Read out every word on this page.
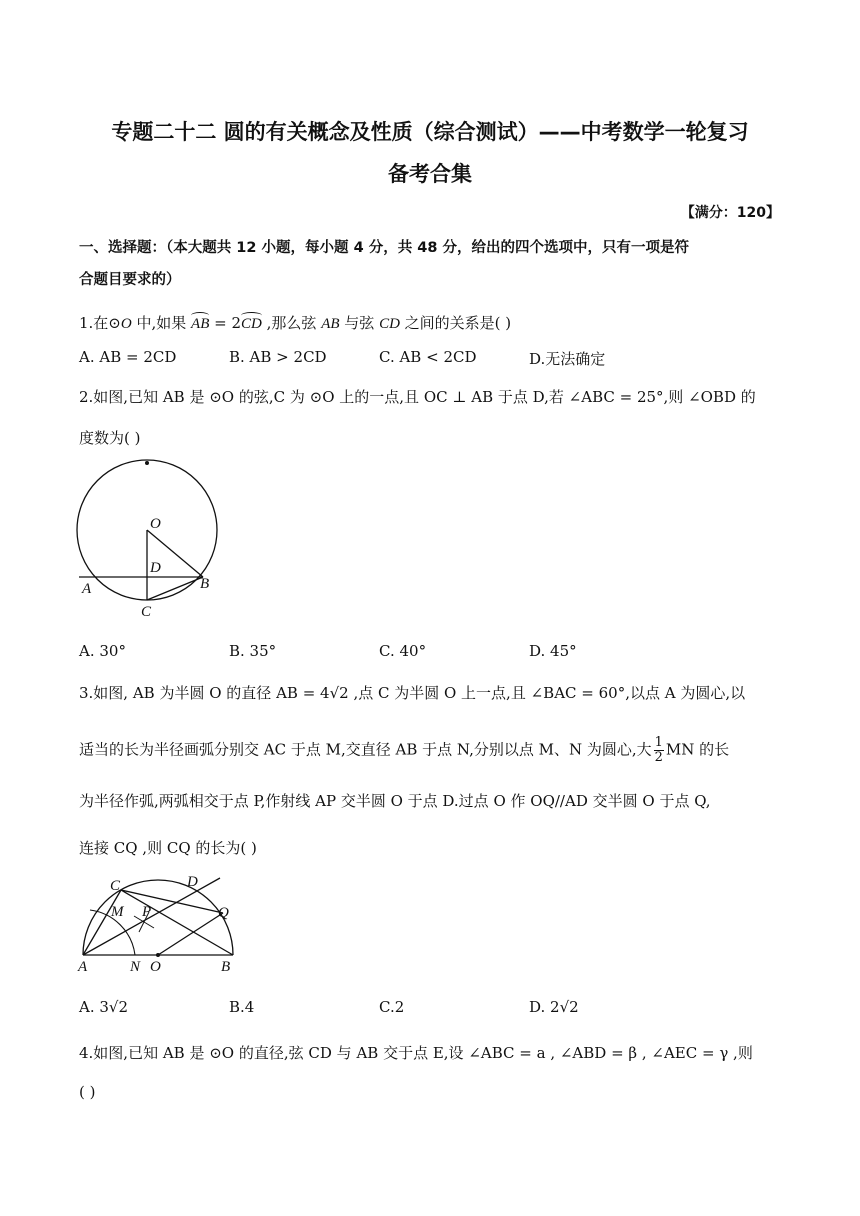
专题二十二 圆的有关概念及性质（综合测试）——中考数学一轮复习
备考合集
【满分：120】
一、选择题：（本大题共 12 小题，每小题 4 分，共 48 分，给出的四个选项中，只有一项是符
合题目要求的）
1.在⊙O 中,如果 AB = 2CD ,那么弦 AB 与弦 CD 之间的关系是( )
A. AB = 2CD	B. AB > 2CD	C. AB < 2CD	D.无法确定
2.如图,已知 AB 是 ⊙O 的弦,C 为 ⊙O 上的一点,且 OC ⊥ AB 于点 D,若 ∠ABC = 25°,则 ∠OBD 的
度数为( )
O
D
A	B
C
A. 30°	B. 35°	C. 40°	D. 45°
3.如图, AB 为半圆 O 的直径 AB = 4√2 ,点 C 为半圆 O 上一点,且 ∠BAC = 60°,以点 A 为圆心,以
适当的长为半径画弧分别交 AC 于点 M,交直径 AB 于点 N,分别以点 M、N 为圆心,大 $\frac{1}{2}$ MN 的长
为半径作弧,两弧相交于点 P,作射线 AP 交半圆 O 于点 D.过点 O 作 OQ//AD 交半圆 O 于点 Q,
连接 CQ ,则 CQ 的长为( )
C	D
M P	Q
A	N O	B
A. 3√2	B.4	C.2	D. 2√2
4.如图,已知 AB 是 ⊙O 的直径,弦 CD 与 AB 交于点 E,设 ∠ABC = a , ∠ABD = β , ∠AEC = γ ,则
( )
